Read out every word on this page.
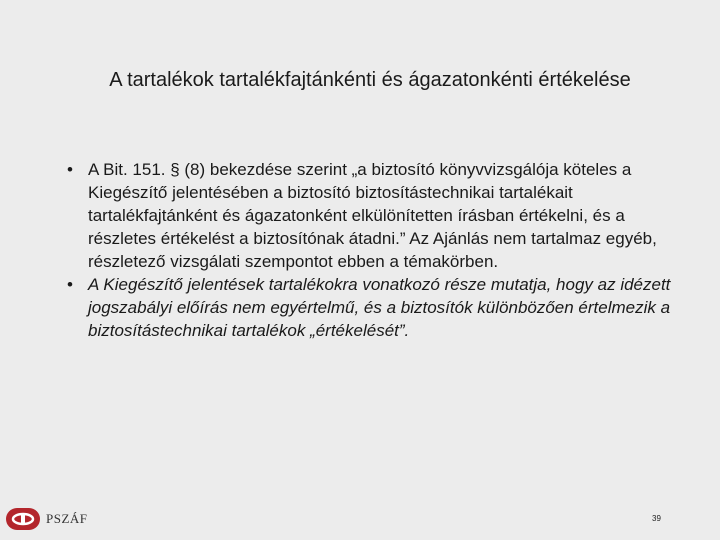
A tartalékok tartalékfajtánkénti és ágazatonkénti értékelése
• A Bit. 151. § (8) bekezdése szerint „a biztosító könyvvizsgálója köteles a Kiegészítő jelentésében a biztosító biztosítástechnikai tartalékait tartalékfajtánként és ágazatonként elkülönítetten írásban értékelni, és a részletes értékelést a biztosítónak átadni.” Az Ajánlás nem tartalmaz egyéb, részletező vizsgálati szempontot ebben a témakörben.
• A Kiegészítő jelentések tartalékokra vonatkozó része mutatja, hogy az idézett jogszabályi előírás nem egyértelmű, és a biztosítók különbözően értelmezik a biztosítástechnikai tartalékok „értékelését”.
PSZÁF	39
